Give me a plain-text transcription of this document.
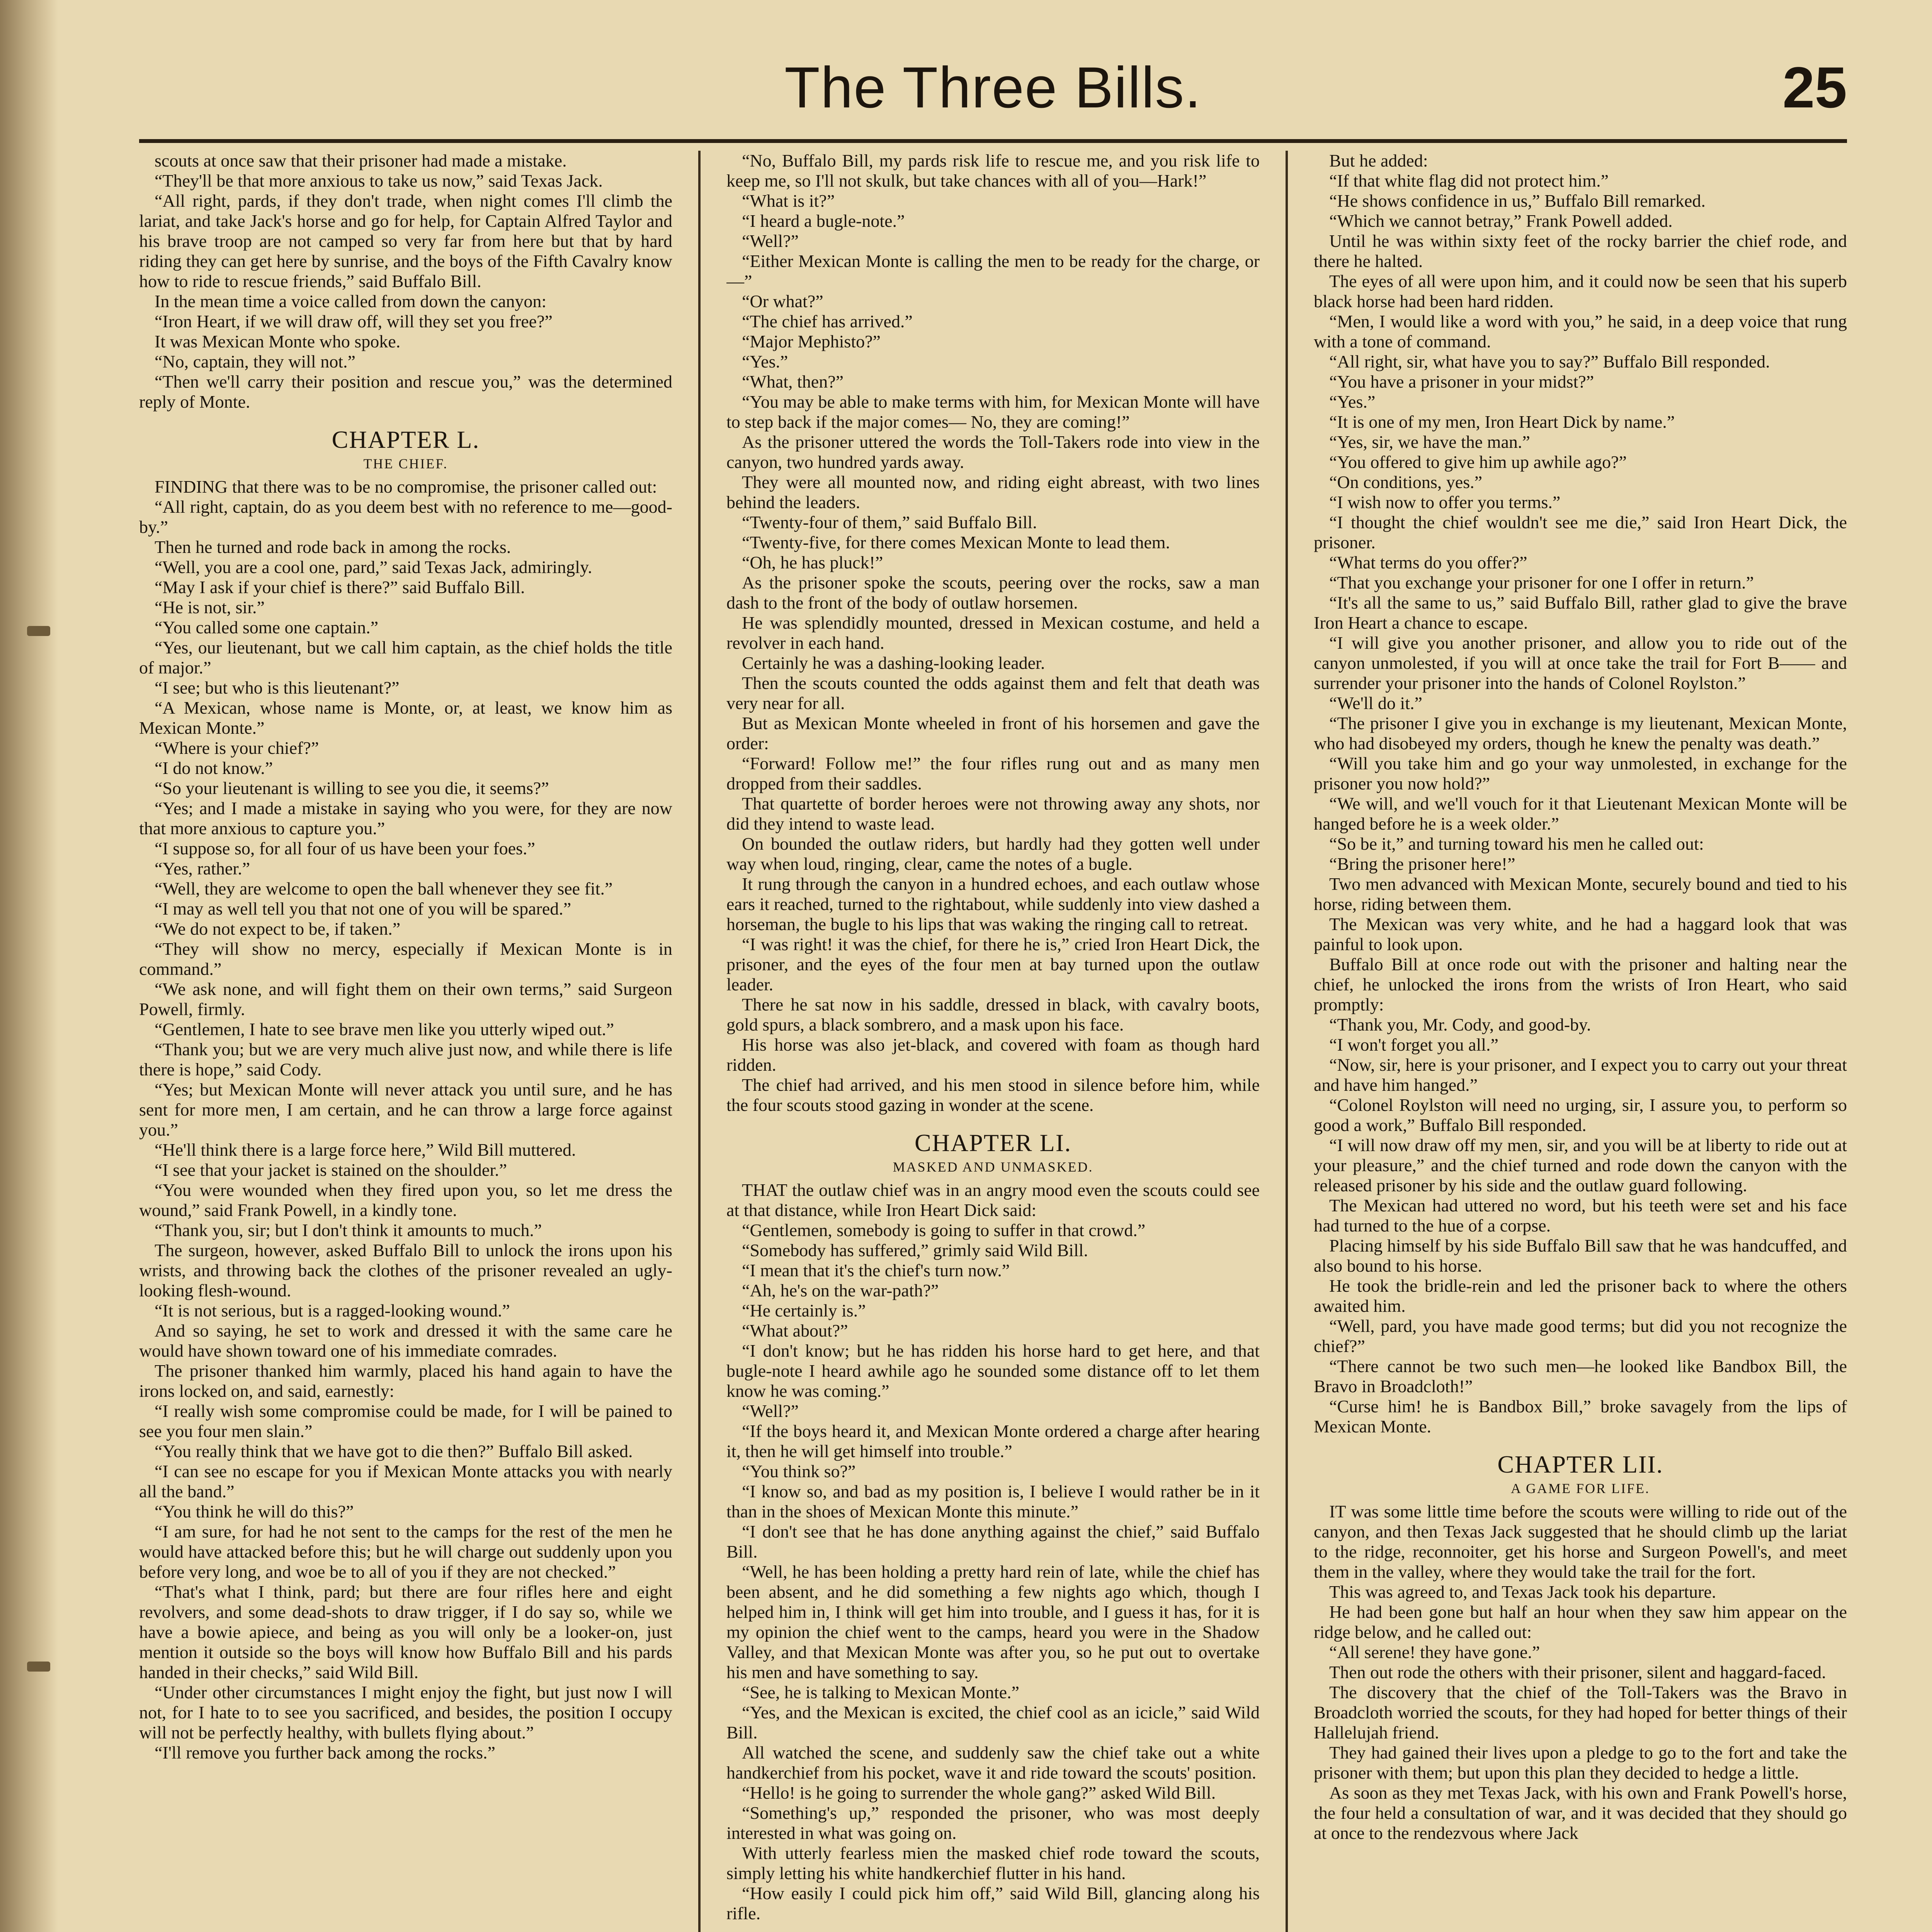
The Three Bills.	25

scouts at once saw that their prisoner had made a mistake.

“They'll be that more anxious to take us now,” said Texas Jack.

“All right, pards, if they don't trade, when night comes I'll climb the lariat, and take Jack's horse and go for help, for Captain Alfred Taylor and his brave troop are not camped so very far from here but that by hard riding they can get here by sunrise, and the boys of the Fifth Cavalry know how to ride to rescue friends,” said Buffalo Bill.

In the mean time a voice called from down the canyon:

“Iron Heart, if we will draw off, will they set you free?”

It was Mexican Monte who spoke.

“No, captain, they will not.”

“Then we'll carry their position and rescue you,” was the determined reply of Monte.

CHAPTER L.
THE CHIEF.

FINDING that there was to be no compromise, the prisoner called out:

“All right, captain, do as you deem best with no reference to me—good-by.”

Then he turned and rode back in among the rocks.

“Well, you are a cool one, pard,” said Texas Jack, admiringly.

“May I ask if your chief is there?” said Buffalo Bill.

“He is not, sir.”

“You called some one captain.”

“Yes, our lieutenant, but we call him captain, as the chief holds the title of major.”

“I see; but who is this lieutenant?”

“A Mexican, whose name is Monte, or, at least, we know him as Mexican Monte.”

“Where is your chief?”

“I do not know.”

“So your lieutenant is willing to see you die, it seems?”

“Yes; and I made a mistake in saying who you were, for they are now that more anxious to capture you.”

“I suppose so, for all four of us have been your foes.”

“Yes, rather.”

“Well, they are welcome to open the ball whenever they see fit.”

“I may as well tell you that not one of you will be spared.”

“We do not expect to be, if taken.”

“They will show no mercy, especially if Mexican Monte is in command.”

“We ask none, and will fight them on their own terms,” said Surgeon Powell, firmly.

“Gentlemen, I hate to see brave men like you utterly wiped out.”

“Thank you; but we are very much alive just now, and while there is life there is hope,” said Cody.

“Yes; but Mexican Monte will never attack you until sure, and he has sent for more men, I am certain, and he can throw a large force against you.”

“He'll think there is a large force here,” Wild Bill muttered.

“I see that your jacket is stained on the shoulder.”

“You were wounded when they fired upon you, so let me dress the wound,” said Frank Powell, in a kindly tone.

“Thank you, sir; but I don't think it amounts to much.”

The surgeon, however, asked Buffalo Bill to unlock the irons upon his wrists, and throwing back the clothes of the prisoner revealed an ugly-looking flesh-wound.

“It is not serious, but is a ragged-looking wound.”

And so saying, he set to work and dressed it with the same care he would have shown toward one of his immediate comrades.

The prisoner thanked him warmly, placed his hand again to have the irons locked on, and said, earnestly:

“I really wish some compromise could be made, for I will be pained to see you four men slain.”

“You really think that we have got to die then?” Buffalo Bill asked.

“I can see no escape for you if Mexican Monte attacks you with nearly all the band.”

“You think he will do this?”

“I am sure, for had he not sent to the camps for the rest of the men he would have attacked before this; but he will charge out suddenly upon you before very long, and woe be to all of you if they are not checked.”

“That's what I think, pard; but there are four rifles here and eight revolvers, and some dead-shots to draw trigger, if I do say so, while we have a bowie apiece, and being as you will only be a looker-on, just mention it outside so the boys will know how Buffalo Bill and his pards handed in their checks,” said Wild Bill.

“Under other circumstances I might enjoy the fight, but just now I will not, for I hate to to see you sacrificed, and besides, the position I occupy will not be perfectly healthy, with bullets flying about.”

“I'll remove you further back among the rocks.”

“No, Buffalo Bill, my pards risk life to rescue me, and you risk life to keep me, so I'll not skulk, but take chances with all of you—Hark!”

“What is it?”

“I heard a bugle-note.”

“Well?”

“Either Mexican Monte is calling the men to be ready for the charge, or—”

“Or what?”

“The chief has arrived.”

“Major Mephisto?”

“Yes.”

“What, then?”

“You may be able to make terms with him, for Mexican Monte will have to step back if the major comes— No, they are coming!”

As the prisoner uttered the words the Toll-Takers rode into view in the canyon, two hundred yards away.

They were all mounted now, and riding eight abreast, with two lines behind the leaders.

“Twenty-four of them,” said Buffalo Bill.

“Twenty-five, for there comes Mexican Monte to lead them.

“Oh, he has pluck!”

As the prisoner spoke the scouts, peering over the rocks, saw a man dash to the front of the body of outlaw horsemen.

He was splendidly mounted, dressed in Mexican costume, and held a revolver in each hand.

Certainly he was a dashing-looking leader.

Then the scouts counted the odds against them and felt that death was very near for all.

But as Mexican Monte wheeled in front of his horsemen and gave the order:

“Forward! Follow me!” the four rifles rung out and as many men dropped from their saddles.

That quartette of border heroes were not throwing away any shots, nor did they intend to waste lead.

On bounded the outlaw riders, but hardly had they gotten well under way when loud, ringing, clear, came the notes of a bugle.

It rung through the canyon in a hundred echoes, and each outlaw whose ears it reached, turned to the rightabout, while suddenly into view dashed a horseman, the bugle to his lips that was waking the ringing call to retreat.

“I was right! it was the chief, for there he is,” cried Iron Heart Dick, the prisoner, and the eyes of the four men at bay turned upon the outlaw leader.

There he sat now in his saddle, dressed in black, with cavalry boots, gold spurs, a black sombrero, and a mask upon his face.

His horse was also jet-black, and covered with foam as though hard ridden.

The chief had arrived, and his men stood in silence before him, while the four scouts stood gazing in wonder at the scene.

CHAPTER LI.
MASKED AND UNMASKED.

THAT the outlaw chief was in an angry mood even the scouts could see at that distance, while Iron Heart Dick said:

“Gentlemen, somebody is going to suffer in that crowd.”

“Somebody has suffered,” grimly said Wild Bill.

“I mean that it's the chief's turn now.”

“Ah, he's on the war-path?”

“He certainly is.”

“What about?”

“I don't know; but he has ridden his horse hard to get here, and that bugle-note I heard awhile ago he sounded some distance off to let them know he was coming.”

“Well?”

“If the boys heard it, and Mexican Monte ordered a charge after hearing it, then he will get himself into trouble.”

“You think so?”

“I know so, and bad as my position is, I believe I would rather be in it than in the shoes of Mexican Monte this minute.”

“I don't see that he has done anything against the chief,” said Buffalo Bill.

“Well, he has been holding a pretty hard rein of late, while the chief has been absent, and he did something a few nights ago which, though I helped him in, I think will get him into trouble, and I guess it has, for it is my opinion the chief went to the camps, heard you were in the Shadow Valley, and that Mexican Monte was after you, so he put out to overtake his men and have something to say.

“See, he is talking to Mexican Monte.”

“Yes, and the Mexican is excited, the chief cool as an icicle,” said Wild Bill.

All watched the scene, and suddenly saw the chief take out a white handkerchief from his pocket, wave it and ride toward the scouts' position.

“Hello! is he going to surrender the whole gang?” asked Wild Bill.

“Something's up,” responded the prisoner, who was most deeply interested in what was going on.

With utterly fearless mien the masked chief rode toward the scouts, simply letting his white handkerchief flutter in his hand.

“How easily I could pick him off,” said Wild Bill, glancing along his rifle.

But he added:

“If that white flag did not protect him.”

“He shows confidence in us,” Buffalo Bill remarked.

“Which we cannot betray,” Frank Powell added.

Until he was within sixty feet of the rocky barrier the chief rode, and there he halted.

The eyes of all were upon him, and it could now be seen that his superb black horse had been hard ridden.

“Men, I would like a word with you,” he said, in a deep voice that rung with a tone of command.

“All right, sir, what have you to say?” Buffalo Bill responded.

“You have a prisoner in your midst?”

“Yes.”

“It is one of my men, Iron Heart Dick by name.”

“Yes, sir, we have the man.”

“You offered to give him up awhile ago?”

“On conditions, yes.”

“I wish now to offer you terms.”

“I thought the chief wouldn't see me die,” said Iron Heart Dick, the prisoner.

“What terms do you offer?”

“That you exchange your prisoner for one I offer in return.”

“It's all the same to us,” said Buffalo Bill, rather glad to give the brave Iron Heart a chance to escape.

“I will give you another prisoner, and allow you to ride out of the canyon unmolested, if you will at once take the trail for Fort B—— and surrender your prisoner into the hands of Colonel Roylston.”

“We'll do it.”

“The prisoner I give you in exchange is my lieutenant, Mexican Monte, who had disobeyed my orders, though he knew the penalty was death.”

“Will you take him and go your way unmolested, in exchange for the prisoner you now hold?”

“We will, and we'll vouch for it that Lieutenant Mexican Monte will be hanged before he is a week older.”

“So be it,” and turning toward his men he called out:

“Bring the prisoner here!”

Two men advanced with Mexican Monte, securely bound and tied to his horse, riding between them.

The Mexican was very white, and he had a haggard look that was painful to look upon.

Buffalo Bill at once rode out with the prisoner and halting near the chief, he unlocked the irons from the wrists of Iron Heart, who said promptly:

“Thank you, Mr. Cody, and good-by.

“I won't forget you all.”

“Now, sir, here is your prisoner, and I expect you to carry out your threat and have him hanged.”

“Colonel Roylston will need no urging, sir, I assure you, to perform so good a work,” Buffalo Bill responded.

“I will now draw off my men, sir, and you will be at liberty to ride out at your pleasure,” and the chief turned and rode down the canyon with the released prisoner by his side and the outlaw guard following.

The Mexican had uttered no word, but his teeth were set and his face had turned to the hue of a corpse.

Placing himself by his side Buffalo Bill saw that he was handcuffed, and also bound to his horse.

He took the bridle-rein and led the prisoner back to where the others awaited him.

“Well, pard, you have made good terms; but did you not recognize the chief?”

“There cannot be two such men—he looked like Bandbox Bill, the Bravo in Broadcloth!”

“Curse him! he is Bandbox Bill,” broke savagely from the lips of Mexican Monte.

CHAPTER LII.
A GAME FOR LIFE.

IT was some little time before the scouts were willing to ride out of the canyon, and then Texas Jack suggested that he should climb up the lariat to the ridge, reconnoiter, get his horse and Surgeon Powell's, and meet them in the valley, where they would take the trail for the fort.

This was agreed to, and Texas Jack took his departure.

He had been gone but half an hour when they saw him appear on the ridge below, and he called out:

“All serene! they have gone.”

Then out rode the others with their prisoner, silent and haggard-faced.

The discovery that the chief of the Toll-Takers was the Bravo in Broadcloth worried the scouts, for they had hoped for better things of their Hallelujah friend.

They had gained their lives upon a pledge to go to the fort and take the prisoner with them; but upon this plan they decided to hedge a little.

As soon as they met Texas Jack, with his own and Frank Powell's horse, the four held a consultation of war, and it was decided that they should go at once to the rendezvous where Jack
